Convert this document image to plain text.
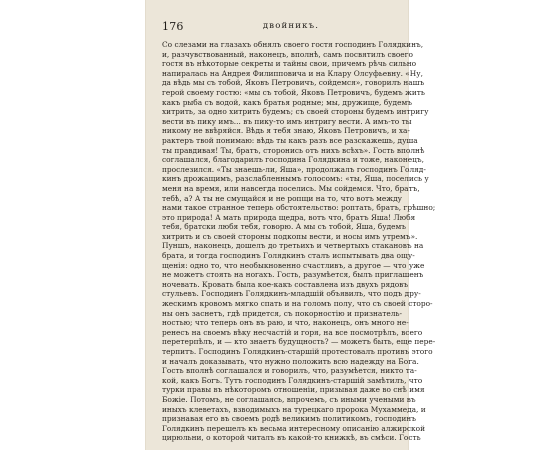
176	двойникъ.
Со слезами на глазахъ обнялъ своего гостя господинъ Голядкинъ,
и, разчувствованный, наконецъ, вполнѣ, самъ посвятилъ своего
гостя въ нѣкоторые секреты и тайны свои, причемъ рѣчь сильно
напиралась на Андрея Филипповича и на Клару Олсуфьевну. «Ну,
да вѣдь мы съ тобой, Яковъ Петровичъ, сойдемся», говорилъ нашъ
герой своему гостю: «мы съ тобой, Яковъ Петровичъ, будемъ жить
какъ рыба съ водой, какъ братья родные; мы, дружище, будемъ
хитрить, за одно хитрить будемъ; съ своей стороны будемъ интригу
вести въ пику имъ... въ пику-то имъ интригу вести. А имъ-то ты
никому не ввѣряйся. Вѣдь я тебя знаю, Яковъ Петровичъ, и ха-
рактеръ твой понимаю: вѣдь ты какъ разъ все разскажешь, душа
ты правдивая! Ты, братъ, сторонись отъ нихъ всѣхъ». Гость вполнѣ
соглашался, благодарилъ господина Голядкина и тоже, наконецъ,
прослезился. «Ты знаешь-ли, Яша», продолжалъ господинъ Голяд-
кинъ дрожащимъ, разслабленнымъ голосомъ: «ты, Яша, поселись у
меня на время, или навсегда поселись. Мы сойдемся. Что, братъ,
тебѣ, а? А ты не смущайся и не ропщи на то, что вотъ между
нами такое странное теперь обстоятельство: роптать, братъ, грѣшно;
это природа! А мать природа щедра, вотъ что, братъ Яша! Любя
тебя, братски любя тебя, говорю. А мы съ тобой, Яша, будемъ
хитрить и съ своей стороны подкопы вести, и носы имъ утремъ».
Пуншъ, наконецъ, дошелъ до третьихъ и четвертыхъ стакановъ на
брата, и тогда господинъ Голядкинъ сталъ испытывать два ощу-
щенія: одно то, что необыкновенно счастливъ, а другое — что уже
не можетъ стоять на ногахъ. Гость, разумѣется, былъ приглашенъ
ночевать. Кровать была кое-какъ составлена изъ двухъ рядовъ
стульевъ. Господинъ Голядкинъ-младшій объявилъ, что подъ дру-
жескимъ кровомъ мягко спать и на голомъ полу, что съ своей сторо-
ны онъ заснетъ, гдѣ придется, съ покорностію и признатель-
ностью; что теперь онъ въ раю, и что, наконецъ, онъ много не-
ренесъ на своемъ вѣку несчастій и горя, на все посмотрѣлъ, всего
перетерпѣлъ, и — кто знаетъ будущность? — можетъ быть, еще пере-
терпитъ. Господинъ Голядкинъ-старшій протестовалъ противъ этого
и началъ доказывать, что нужно положить всю надежду на Бога.
Гость вполнѣ соглашался и говорилъ, что, разумѣется, никто та-
кой, какъ Богъ. Тутъ господинъ Голядкинъ-старшій замѣтилъ, что
турки правы въ нѣкоторомъ отношеніи, призывая даже во снѣ имя
Божіе. Потомъ, не соглашаясь, впрочемъ, съ иными учеными въ
иныхъ клеветахъ, взводимыхъ на турецкаго пророка Мухаммеда, и
признавая его въ своемъ родѣ великимъ политикомъ, господинъ
Голядкинъ перешелъ къ весьма интересному описанію алжирской
цирюльни, о которой читалъ въ какой-то книжкѣ, въ смѣси. Гость
